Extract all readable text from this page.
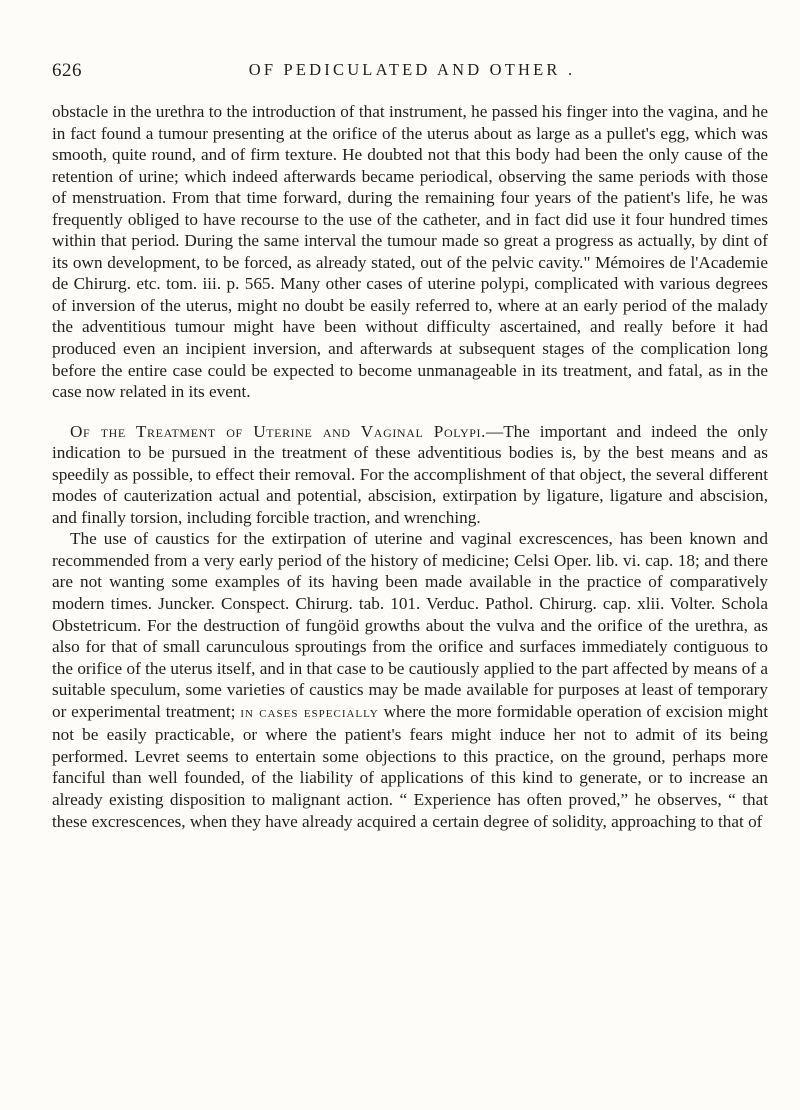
626	OF PEDICULATED AND OTHER .

obstacle in the urethra to the introduction of that instrument, he passed his finger into the vagina, and he in fact found a tumour presenting at the orifice of the uterus about as large as a pullet's egg, which was smooth, quite round, and of firm texture. He doubted not that this body had been the only cause of the retention of urine; which indeed afterwards became periodical, observing the same periods with those of menstruation. From that time forward, during the remaining four years of the patient's life, he was frequently obliged to have recourse to the use of the catheter, and in fact did use it four hundred times within that period. During the same interval the tumour made so great a progress as actually, by dint of its own development, to be forced, as already stated, out of the pelvic cavity." Mémoires de l'Academie de Chirurg. etc. tom. iii. p. 565. Many other cases of uterine polypi, complicated with various degrees of inversion of the uterus, might no doubt be easily referred to, where at an early period of the malady the adventitious tumour might have been without difficulty ascertained, and really before it had produced even an incipient inversion, and afterwards at subsequent stages of the complication long before the entire case could be expected to become unmanageable in its treatment, and fatal, as in the case now related in its event.

Of the Treatment of Uterine and Vaginal Polypi.—The important and indeed the only indication to be pursued in the treatment of these adventitious bodies is, by the best means and as speedily as possible, to effect their removal. For the accomplishment of that object, the several different modes of cauterization actual and potential, abscision, extirpation by ligature, ligature and abscision, and finally torsion, including forcible traction, and wrenching.

The use of caustics for the extirpation of uterine and vaginal excrescences, has been known and recommended from a very early period of the history of medicine; Celsi Oper. lib. vi. cap. 18; and there are not wanting some examples of its having been made available in the practice of comparatively modern times. Juncker. Conspect. Chirurg. tab. 101. Verduc. Pathol. Chirurg. cap. xlii. Volter. Schola Obstetricum. For the destruction of fungöid growths about the vulva and the orifice of the urethra, as also for that of small carunculous sproutings from the orifice and surfaces immediately contiguous to the orifice of the uterus itself, and in that case to be cautiously applied to the part affected by means of a suitable speculum, some varieties of caustics may be made available for purposes at least of temporary or experimental treatment; in cases especially where the more formidable operation of excision might not be easily practicable, or where the patient's fears might induce her not to admit of its being performed. Levret seems to entertain some objections to this practice, on the ground, perhaps more fanciful than well founded, of the liability of applications of this kind to generate, or to increase an already existing disposition to malignant action. “ Experience has often proved,” he observes, “ that these excrescences, when they have already acquired a certain degree of solidity, approaching to that of
